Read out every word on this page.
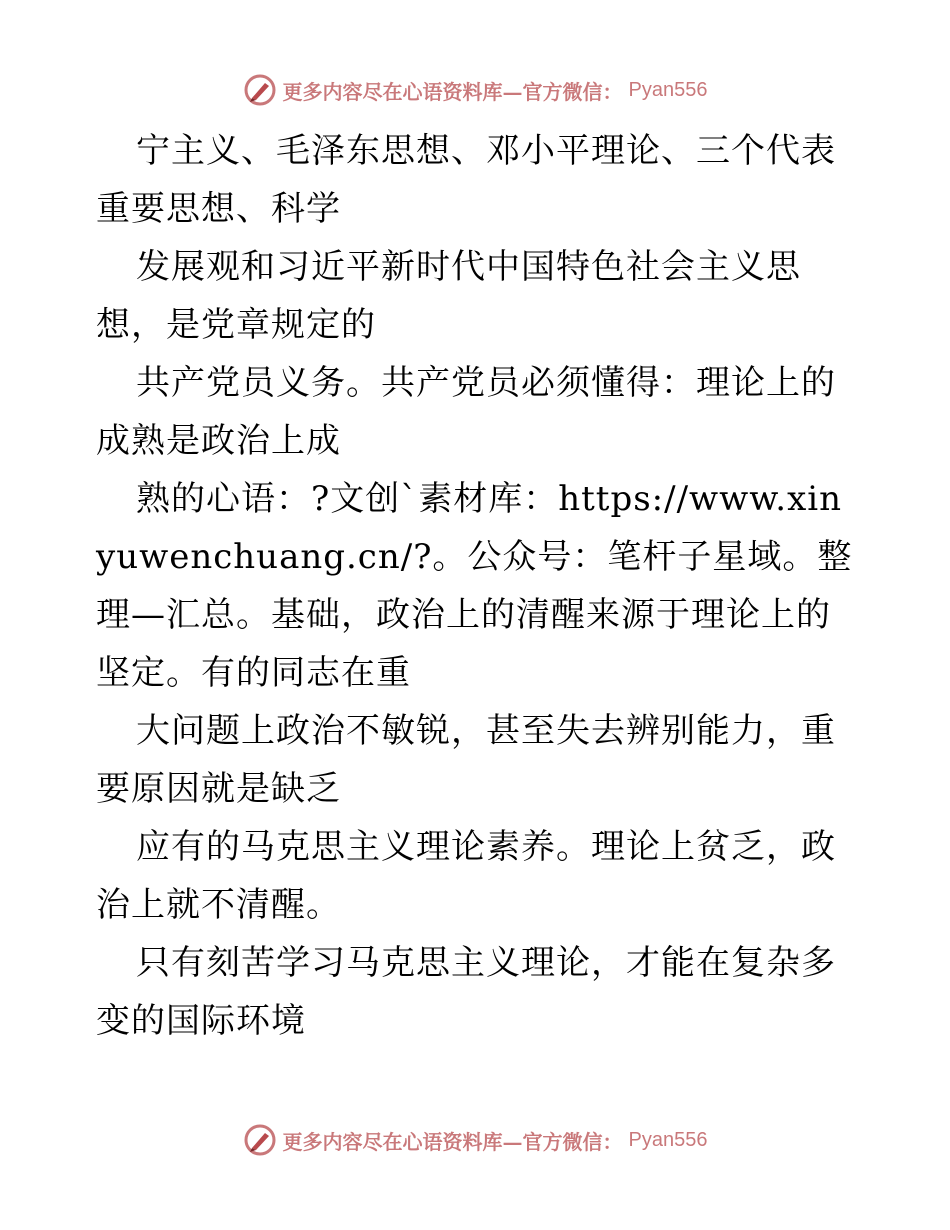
更多内容尽在心语资料库—官方微信： Pyan556

宁主义、毛泽东思想、邓小平理论、三个代表重要思想、科学

发展观和习近平新时代中国特色社会主义思想，是党章规定的

共产党员义务。共产党员必须懂得：理论上的成熟是政治上成

熟的心语：?文创`素材库：https://www.xinyuwenchuang.cn/?。公众号：笔杆子星域。整理—汇总。基础，政治上的清醒来源于理论上的坚定。有的同志在重

大问题上政治不敏锐，甚至失去辨别能力，重要原因就是缺乏

应有的马克思主义理论素养。理论上贫乏，政治上就不清醒。

只有刻苦学习马克思主义理论，才能在复杂多变的国际环境

更多内容尽在心语资料库—官方微信： Pyan556
